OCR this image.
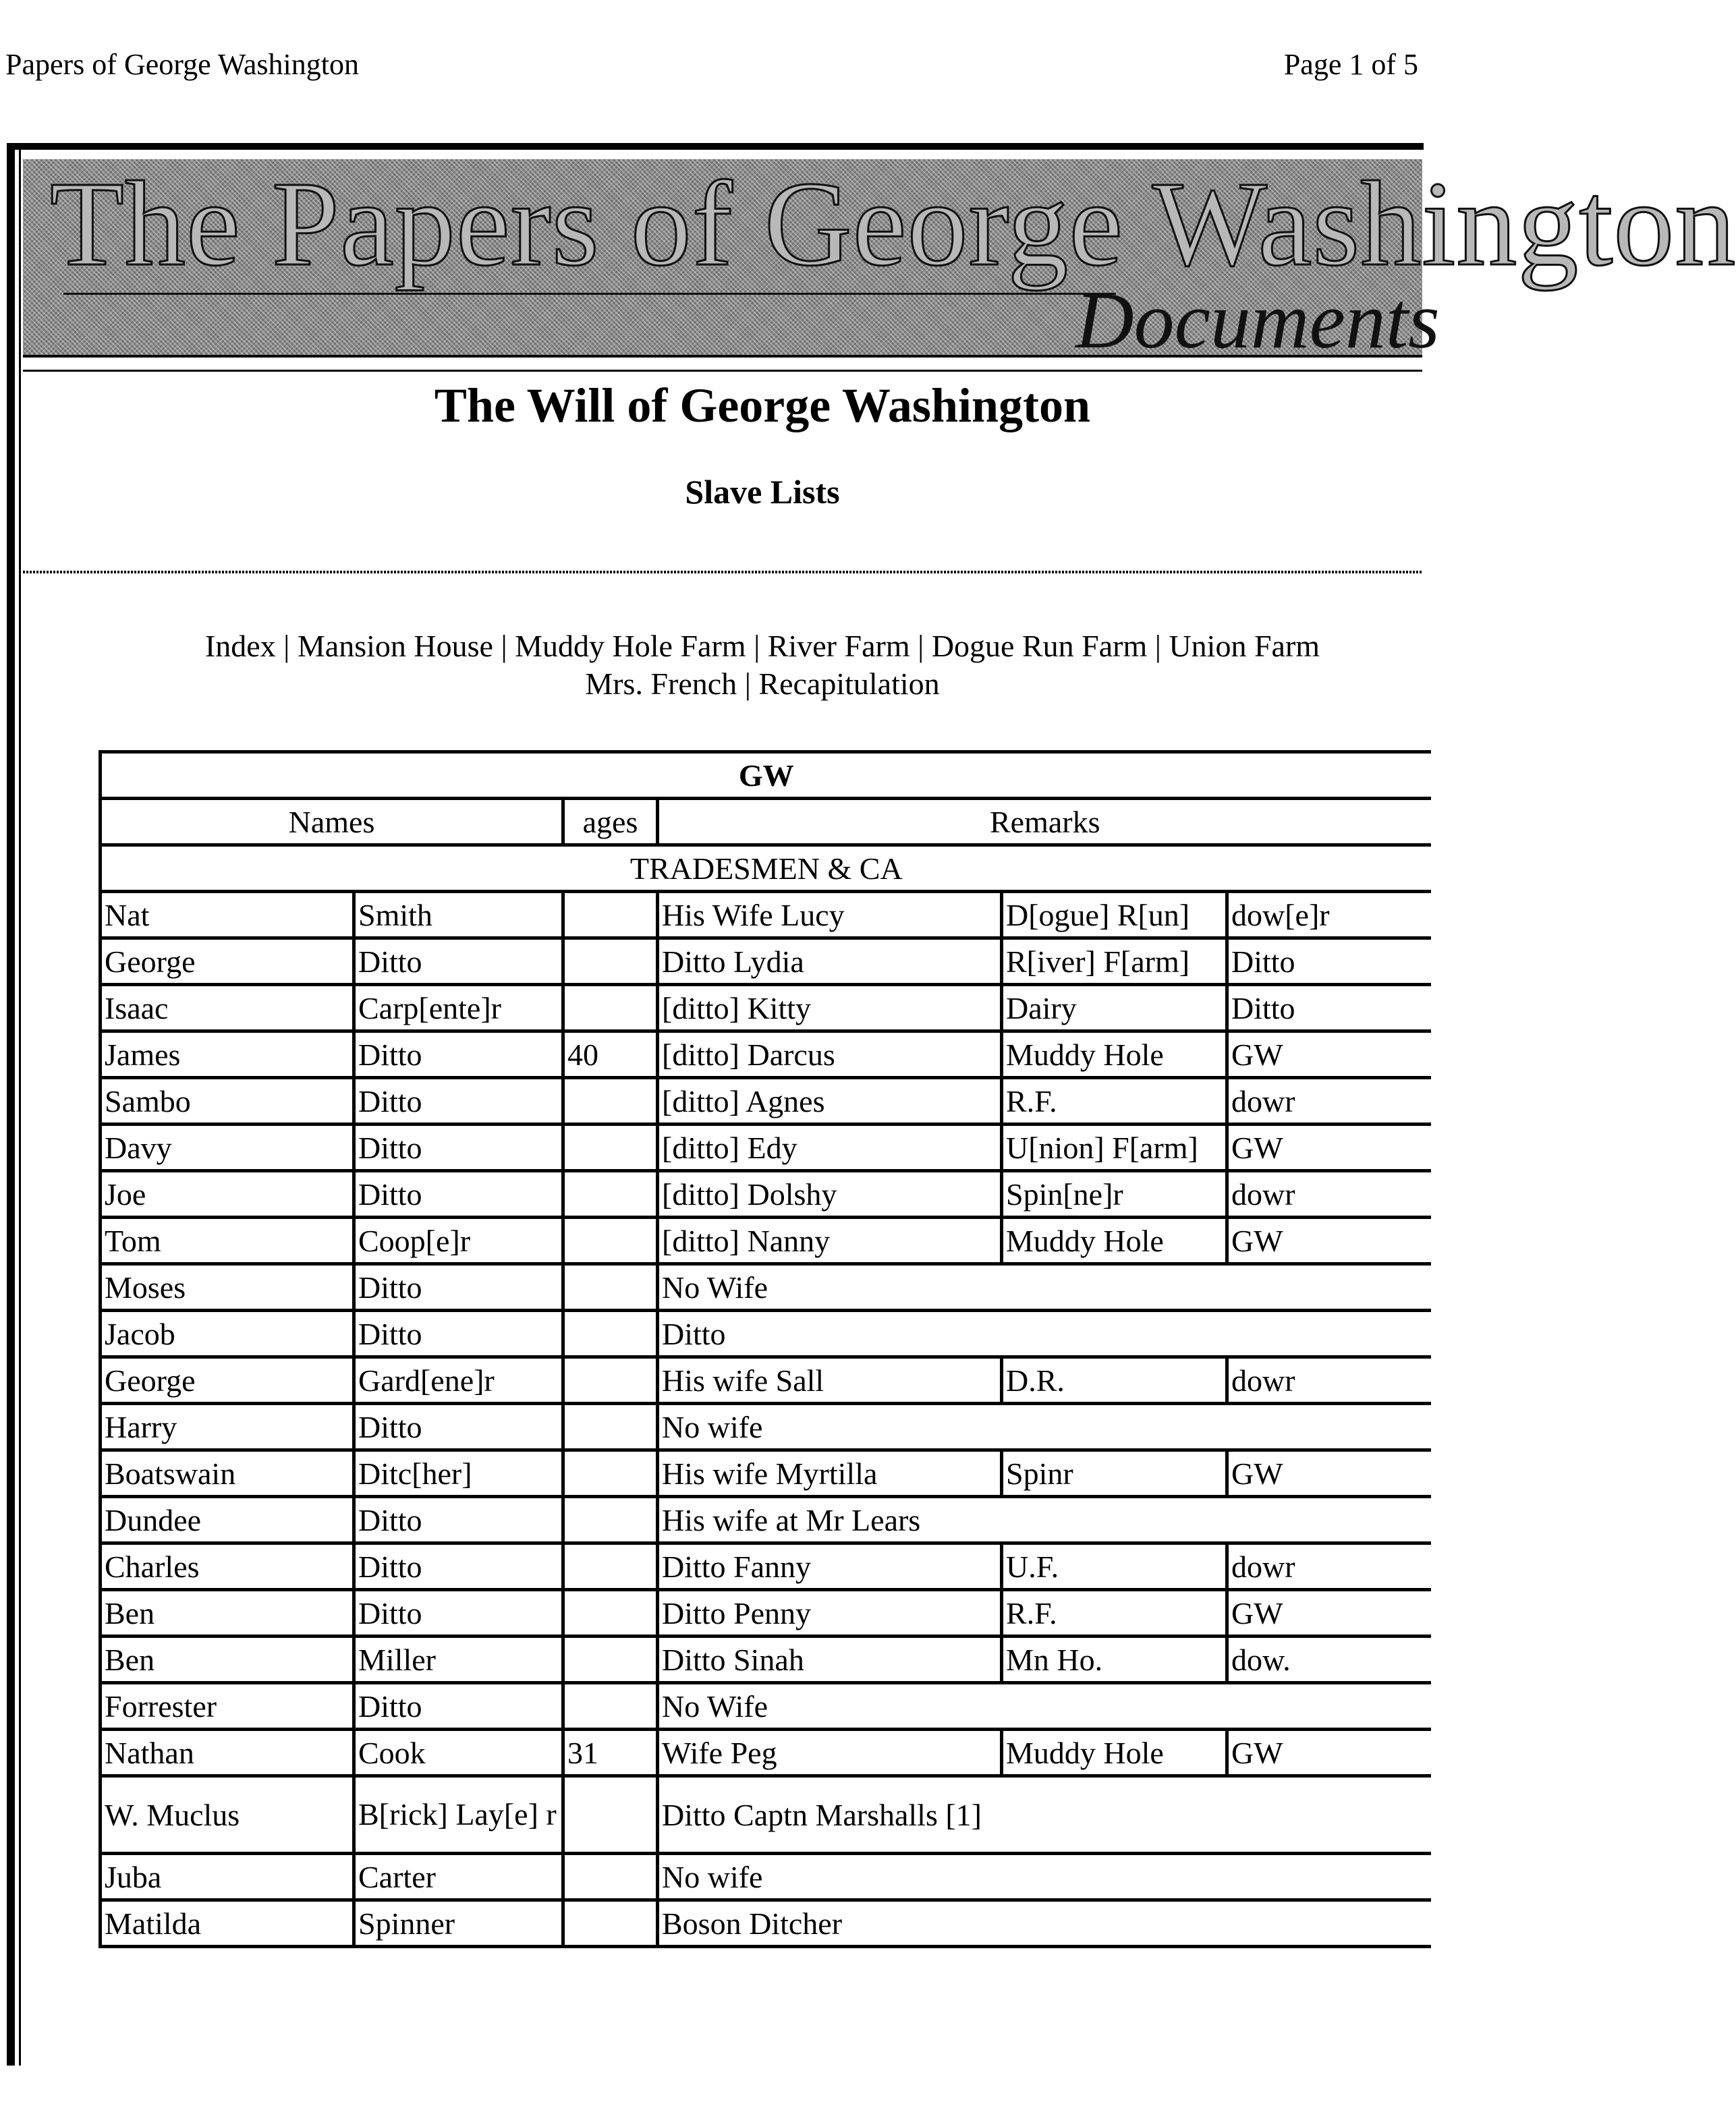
Papers of George Washington	Page 1 of 5
The Papers of George Washington
Documents
The Will of George Washington
Slave Lists
Index | Mansion House | Muddy Hole Farm | River Farm | Dogue Run Farm | Union Farm
Mrs. French | Recapitulation
GW					
Names		ages	Remarks		
TRADESMEN & CA					
Nat	Smith		His Wife Lucy	D[ogue] R[un]	dow[e]r
George	Ditto		Ditto Lydia	R[iver] F[arm]	Ditto
Isaac	Carp[ente]r		[ditto] Kitty	Dairy	Ditto
James	Ditto	40	[ditto] Darcus	Muddy Hole	GW
Sambo	Ditto		[ditto] Agnes	R.F.	dowr
Davy	Ditto		[ditto] Edy	U[nion] F[arm]	GW
Joe	Ditto		[ditto] Dolshy	Spin[ne]r	dowr
Tom	Coop[e]r		[ditto] Nanny	Muddy Hole	GW
Moses	Ditto		No Wife		
Jacob	Ditto		Ditto		
George	Gard[ene]r		His wife Sall	D.R.	dowr
Harry	Ditto		No wife		
Boatswain	Ditc[her]		His wife Myrtilla	Spinr	GW
Dundee	Ditto		His wife at Mr Lears		
Charles	Ditto		Ditto Fanny	U.F.	dowr
Ben	Ditto		Ditto Penny	R.F.	GW
Ben	Miller		Ditto Sinah	Mn Ho.	dow.
Forrester	Ditto		No Wife		
Nathan	Cook	31	Wife Peg	Muddy Hole	GW
W. Muclus	B[rick] Lay[e] r		Ditto Captn Marshalls [1]		
Juba	Carter		No wife		
Matilda	Spinner		Boson Ditcher		
